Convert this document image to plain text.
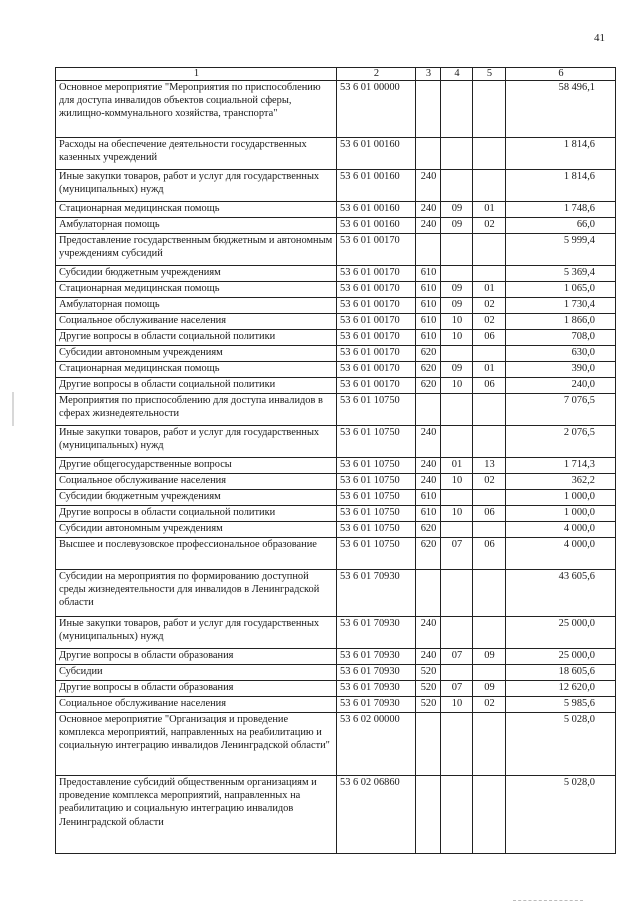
41
1	2	3	4	5	6
Основное мероприятие "Мероприятия по приспособлению для доступа инвалидов объектов социальной сферы, жилищно-коммунального хозяйства, транспорта"	53 6 01 00000				58 496,1
Расходы на обеспечение деятельности государственных казенных учреждений	53 6 01 00160				1 814,6
Иные закупки товаров, работ и услуг для государственных (муниципальных) нужд	53 6 01 00160	240			1 814,6
Стационарная медицинская помощь	53 6 01 00160	240	09	01	1 748,6
Амбулаторная помощь	53 6 01 00160	240	09	02	66,0
Предоставление государственным бюджетным и автономным учреждениям субсидий	53 6 01 00170				5 999,4
Субсидии бюджетным учреждениям	53 6 01 00170	610			5 369,4
Стационарная медицинская помощь	53 6 01 00170	610	09	01	1 065,0
Амбулаторная помощь	53 6 01 00170	610	09	02	1 730,4
Социальное обслуживание населения	53 6 01 00170	610	10	02	1 866,0
Другие вопросы в области социальной политики	53 6 01 00170	610	10	06	708,0
Субсидии автономным учреждениям	53 6 01 00170	620			630,0
Стационарная медицинская помощь	53 6 01 00170	620	09	01	390,0
Другие вопросы в области социальной политики	53 6 01 00170	620	10	06	240,0
Мероприятия по приспособлению для доступа инвалидов в сферах жизнедеятельности	53 6 01 10750				7 076,5
Иные закупки товаров, работ и услуг для государственных (муниципальных) нужд	53 6 01 10750	240			2 076,5
Другие общегосударственные вопросы	53 6 01 10750	240	01	13	1 714,3
Социальное обслуживание населения	53 6 01 10750	240	10	02	362,2
Субсидии бюджетным учреждениям	53 6 01 10750	610			1 000,0
Другие вопросы в области социальной политики	53 6 01 10750	610	10	06	1 000,0
Субсидии автономным учреждениям	53 6 01 10750	620			4 000,0
Высшее и послевузовское профессиональное образование	53 6 01 10750	620	07	06	4 000,0
Субсидии на мероприятия по формированию доступной среды жизнедеятельности для инвалидов в Ленинградской области	53 6 01 70930				43 605,6
Иные закупки товаров, работ и услуг для государственных (муниципальных) нужд	53 6 01 70930	240			25 000,0
Другие вопросы в области образования	53 6 01 70930	240	07	09	25 000,0
Субсидии	53 6 01 70930	520			18 605,6
Другие вопросы в области образования	53 6 01 70930	520	07	09	12 620,0
Социальное обслуживание населения	53 6 01 70930	520	10	02	5 985,6
Основное мероприятие "Организация и проведение комплекса мероприятий, направленных на реабилитацию и социальную интеграцию инвалидов Ленинградской области"	53 6 02 00000				5 028,0
Предоставление субсидий общественным организациям и проведение комплекса мероприятий, направленных на реабилитацию и социальную интеграцию инвалидов Ленинградской области	53 6 02 06860				5 028,0
